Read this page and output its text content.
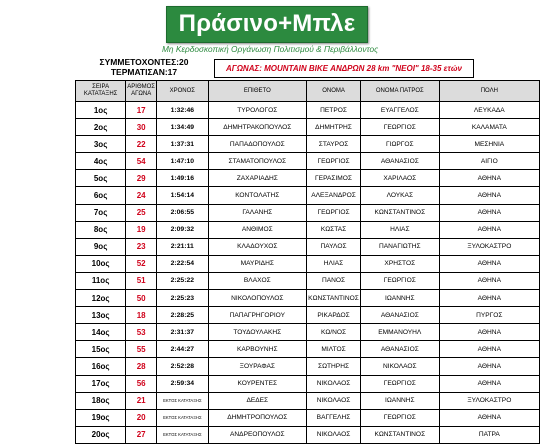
Πράσινο+Μπλε
Μη Κερδοσκοπική Οργάνωση Πολιτισμού & Περιβάλλοντος
ΣΥΜΜΕΤΟΧΟΝΤΕΣ:20
ΤΕΡΜΑΤΙΣΑΝ:17	ΑΓΩΝΑΣ: MOUNTAIN BIKE ΑΝΔΡΩΝ 28 km "ΝΕΟΙ" 18-35 ετών
ΣΕΙΡΑ ΚΑΤΑΤΑΞΗΣ	ΑΡΙΘΜΟΣ ΑΓΩΝΑ	ΧΡΟΝΟΣ	ΕΠΙΘΕΤΟ	ΟΝΟΜΑ	ΟΝΟΜΑ ΠΑΤΡΟΣ	ΠΟΛΗ
1ος	17	1:32:46	ΤΥΡΟΛΟΓΟΣ	ΠΕΤΡΟΣ	ΕΥΑΓΓΕΛΟΣ	ΛΕΥΚΑΔΑ
2ος	30	1:34:49	ΔΗΜΗΤΡΑΚΟΠΟΥΛΟΣ	ΔΗΜΗΤΡΗΣ	ΓΕΩΡΓΙΟΣ	ΚΑΛΑΜΑΤΑ
3ος	22	1:37:31	ΠΑΠΑΔΟΠΟΥΛΟΣ	ΣΤΑΥΡΟΣ	ΓΙΩΡΓΟΣ	ΜΕΣΗΝΙΑ
4ος	54	1:47:10	ΣΤΑΜΑΤΟΠΟΥΛΟΣ	ΓΕΩΡΓΙΟΣ	ΑΘΑΝΑΣΙΟΣ	ΑΙΓΙΟ
5ος	29	1:49:16	ΖΑΧΑΡΙΑΔΗΣ	ΓΕΡΑΣΙΜΟΣ	ΧΑΡΙΛΑΟΣ	ΑΘΗΝΑ
6ος	24	1:54:14	ΚΟΝΤΟΛΑΤΗΣ	ΑΛΕΞΑΝΔΡΟΣ	ΛΟΥΚΑΣ	ΑΘΗΝΑ
7ος	25	2:06:55	ΓΑΛΑΝΗΣ	ΓΕΩΡΓΙΟΣ	ΚΩΝΣΤΑΝΤΙΝΟΣ	ΑΘΗΝΑ
8ος	19	2:09:32	ΑΝΘΙΜΟΣ	ΚΩΣΤΑΣ	ΗΛΙΑΣ	ΑΘΗΝΑ
9ος	23	2:21:11	ΚΛΑΔΟΥΧΟΣ	ΠΑΥΛΟΣ	ΠΑΝΑΓΙΩΤΗΣ	ΞΥΛΟΚΑΣΤΡΟ
10ος	52	2:22:54	ΜΑΥΡΙΔΗΣ	ΗΛΙΑΣ	ΧΡΗΣΤΟΣ	ΑΘΗΝΑ
11ος	51	2:25:22	ΒΛΑΧΟΣ	ΠΑΝΟΣ	ΓΕΩΡΓΙΟΣ	ΑΘΗΝΑ
12ος	50	2:25:23	ΝΙΚΟΛΟΠΟΥΛΟΣ	ΚΩΝΣΤΑΝΤΙΝΟΣ	ΙΩΑΝΝΗΣ	ΑΘΗΝΑ
13ος	18	2:28:25	ΠΑΠΑΓΡΗΓΟΡΙΟΥ	ΡΙΚΑΡΔΟΣ	ΑΘΑΝΑΣΙΟΣ	ΠΥΡΓΟΣ
14ος	53	2:31:37	ΤΟΥΔΟΥΛΑΚΗΣ	ΚΩ/ΝΟΣ	ΕΜΜΑΝΟΥΗΛ	ΑΘΗΝΑ
15ος	55	2:44:27	ΚΑΡΒΟΥΝΗΣ	ΜΙΛΤΟΣ	ΑΘΑΝΑΣΙΟΣ	ΑΘΗΝΑ
16ος	28	2:52:28	ΞΟΥΡΑΦΑΣ	ΣΩΤΗΡΗΣ	ΝΙΚΟΛΑΟΣ	ΑΘΗΝΑ
17ος	56	2:59:34	ΚΟΥΡΕΝΤΕΣ	ΝΙΚΟΛΑΟΣ	ΓΕΩΡΓΙΟΣ	ΑΘΗΝΑ
18ος	21	ΕΚΤΟΣ ΚΑΤΑΤΑΞΗΣ	ΔΕΔΕΣ	ΝΙΚΟΛΑΟΣ	ΙΩΑΝΝΗΣ	ΞΥΛΟΚΑΣΤΡΟ
19ος	20	ΕΚΤΟΣ ΚΑΤΑΤΑΞΗΣ	ΔΗΜΗΤΡΟΠΟΥΛΟΣ	ΒΑΓΓΕΛΗΣ	ΓΕΩΡΓΙΟΣ	ΑΘΗΝΑ
20ος	27	ΕΚΤΟΣ ΚΑΤΑΤΑΞΗΣ	ΑΝΔΡΕΟΠΟΥΛΟΣ	ΝΙΚΟΛΑΟΣ	ΚΩΝΣΤΑΝΤΙΝΟΣ	ΠΑΤΡΑ
